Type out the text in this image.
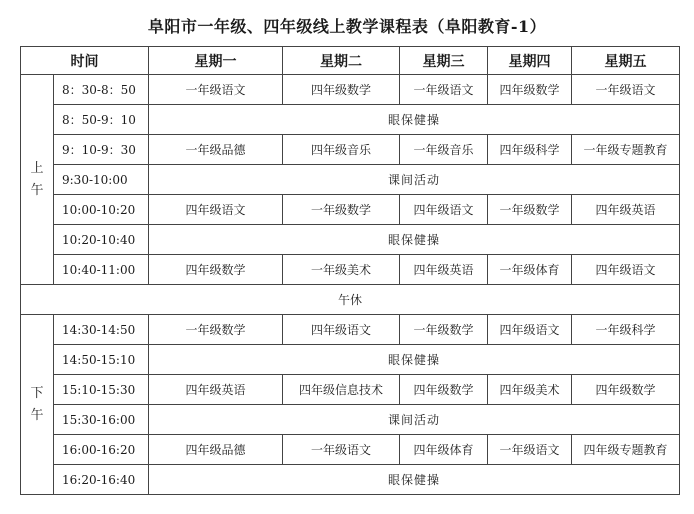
阜阳市一年级、四年级线上教学课程表（阜阳教育-1）
时间		星期一	星期二	星期三	星期四	星期五
上
午	8：30-8：50	一年级语文	四年级数学	一年级语文	四年级数学	一年级语文
	8：50-9：10	眼保健操				
	9：10-9：30	一年级品德	四年级音乐	一年级音乐	四年级科学	一年级专题教育
	9:30-10:00	课间活动				
	10:00-10:20	四年级语文	一年级数学	四年级语文	一年级数学	四年级英语
	10:20-10:40	眼保健操				
	10:40-11:00	四年级数学	一年级美术	四年级英语	一年级体育	四年级语文
午休						
下
午	14:30-14:50	一年级数学	四年级语文	一年级数学	四年级语文	一年级科学
	14:50-15:10	眼保健操				
	15:10-15:30	四年级英语	四年级信息技术	四年级数学	四年级美术	四年级数学
	15:30-16:00	课间活动				
	16:00-16:20	四年级品德	一年级语文	四年级体育	一年级语文	四年级专题教育
	16:20-16:40	眼保健操				
